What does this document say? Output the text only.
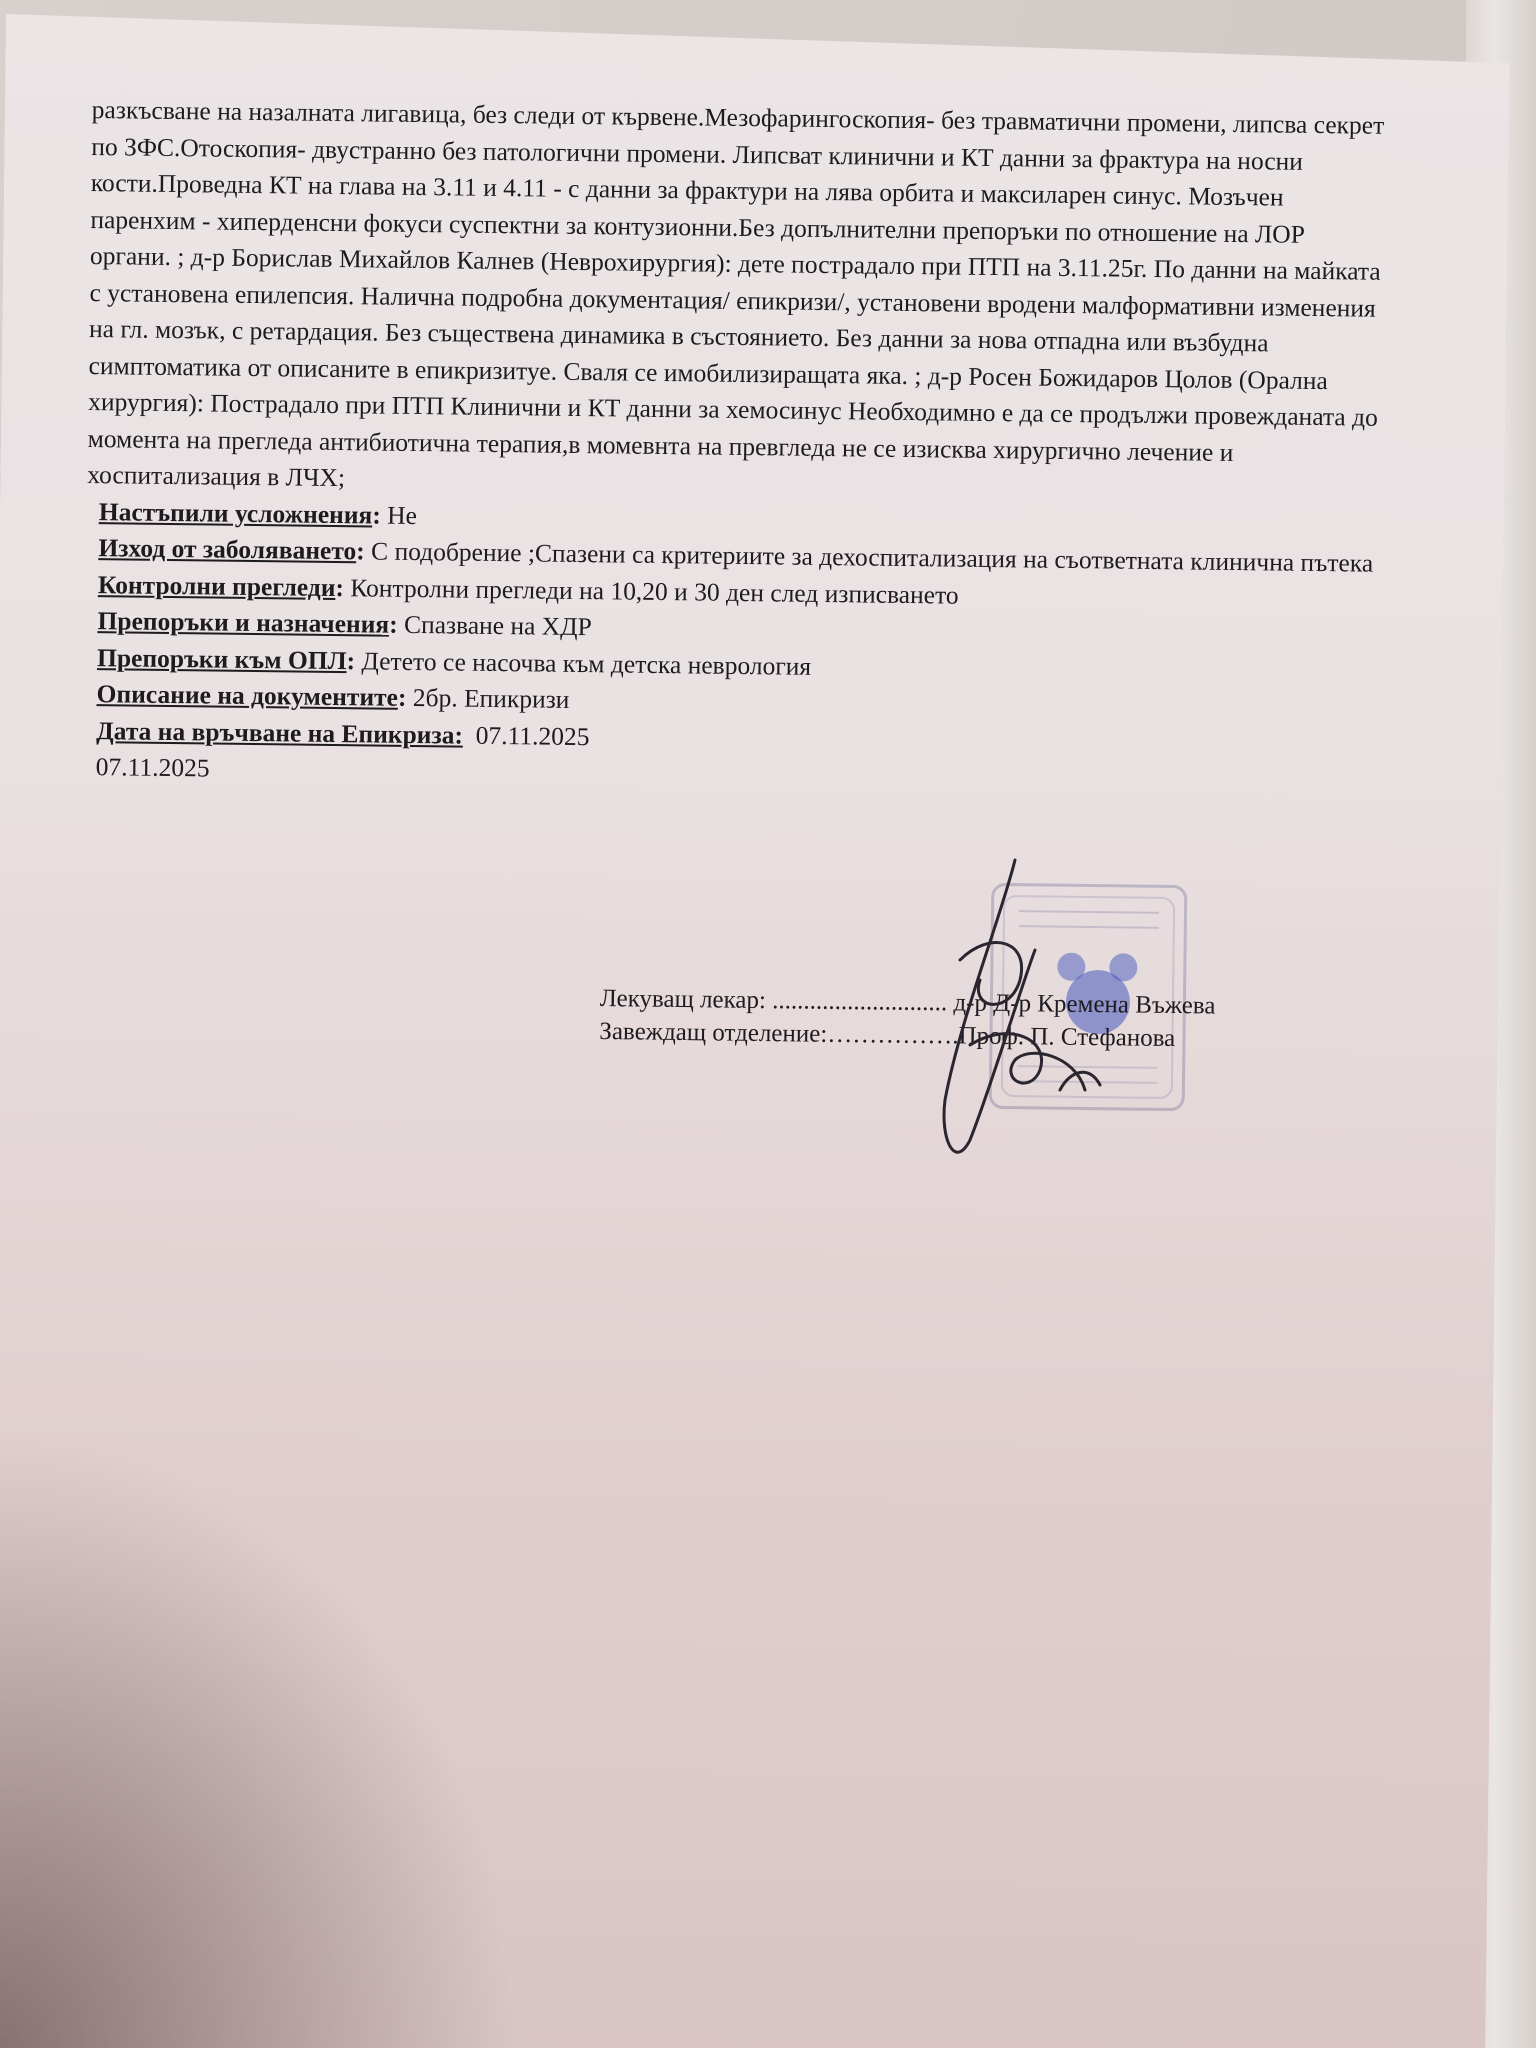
разкъсване на назалната лигавица, без следи от кървене.Мезофарингоскопия- без травматични промени, липсва секрет по ЗФС.Отоскопия- двустранно без патологични промени. Липсват клинични и КТ данни за фрактура на носни кости.Проведна КТ на глава на 3.11 и 4.11 - с данни за фрактури на лява орбита и максиларен синус. Мозъчен паренхим - хиперденсни фокуси суспектни за контузионни.Без допълнителни препоръки по отношение на ЛОР органи. ; д-р Борислав Михайлов Калнев (Неврохирургия): дете пострадало при ПТП на 3.11.25г. По данни на майката с установена епилепсия. Налична подробна документация/ епикризи/, установени вродени малформативни изменения на гл. мозък, с ретардация. Без съществена динамика в състоянието. Без данни за нова отпадна или възбудна симптоматика от описаните в епикризитуе. Сваля се имобилизиращата яка. ; д-р Росен Божидаров Цолов (Орална хирургия): Пострадало при ПТП Клинични и КТ данни за хемосинус Необходимно е да се продължи провежданата до момента на прегледа антибиотична терапия,в момевнта на превгледа не се изисква хирургично лечение и хоспитализация в ЛЧХ;

Настъпили усложнения: Не

Изход от заболяването: С подобрение ;Спазени са критериите за дехоспитализация на съответната клинична пътека

Контролни прегледи: Контролни прегледи на 10,20 и 30 ден след изписването

Препоръки и назначения: Спазване на ХДР

Препоръки към ОПЛ: Детето се насочва към детска неврология

Описание на документите: 2бр. Епикризи

Дата на връчване на Епикриза: 07.11.2025

07.11.2025

Лекуващ лекар: ............................ д-р Д-р Кремена Въжева
Завеждащ отделение:…………….Проф. П. Стефанова
